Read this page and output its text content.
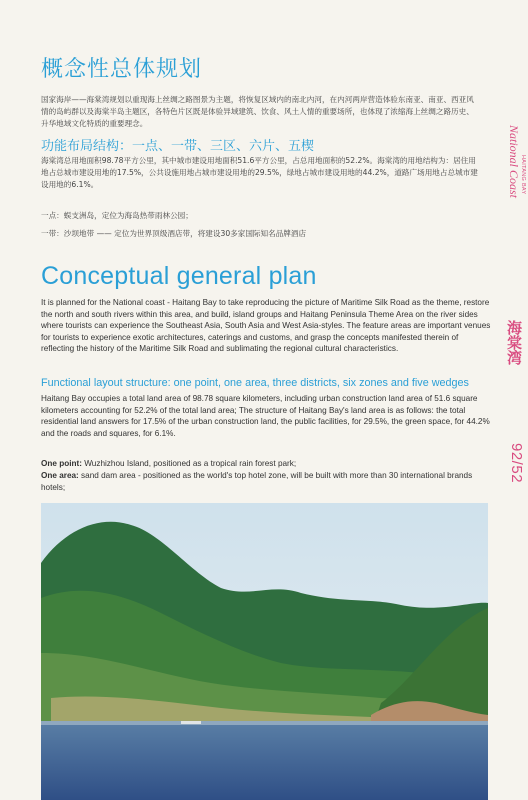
概念性总体规划

国家海岸——海棠湾规划以重现海上丝绸之路图景为主题，将恢复区域内的南北内河，在内河两岸营造体验东南亚、南亚、西亚风情的岛屿群以及海棠半岛主题区，各特色片区既是体验异域建筑、饮食、风土人情的重要场所，也体现了浓缩海上丝绸之路历史、升华地域文化特质的重要理念。

功能布局结构：一点、一带、三区、六片、五楔

海棠湾总用地面积98.78平方公里，其中城市建设用地面积51.6平方公里，占总用地面积的52.2%。海棠湾的用地结构为：居住用地占总城市建设用地的17.5%，公共设施用地占城市建设用地的29.5%，绿地占城市建设用地的44.2%，道路广场用地占总城市建设用地的6.1%。

一点：蜈支洲岛，定位为海岛热带雨林公园；

一带：沙坝地带 —— 定位为世界顶级酒店带，将建设30多家国际知名品牌酒店

Conceptual general plan

It is planned for the National coast - Haitang Bay to take reproducing the picture of Maritime Silk Road as the theme, restore the north and south rivers within this area, and build, island groups and Haitang Peninsula Theme Area on the river sides where tourists can experience the Southeast Asia, South Asia and West Asia-styles. The feature areas are important venues for tourists to experience exotic architectures, caterings and customs, and grasp the concepts manifested therein of reflecting the history of the Maritime Silk Road and sublimating the regional cultural characteristics.

Functional layout structure: one point, one area, three districts, six zones and five wedges

Haitang Bay occupies a total land area of 98.78 square kilometers, including urban construction land area of 51.6 square kilometers accounting for 52.2% of the total land area; The structure of Haitang Bay's land area is as follows: the total residential land answers for 17.5% of the urban construction land, the public facilities, for 29.5%, the green space, for 44.2% and the roads and squares, for 6.1%.

One point: Wuzhizhou Island, positioned as a tropical rain forest park;

One area: sand dam area - positioned as the world's top hotel zone, will be built with more than 30 international brands hotels;

National Coast HAITANG BAY
海棠湾
92/52
